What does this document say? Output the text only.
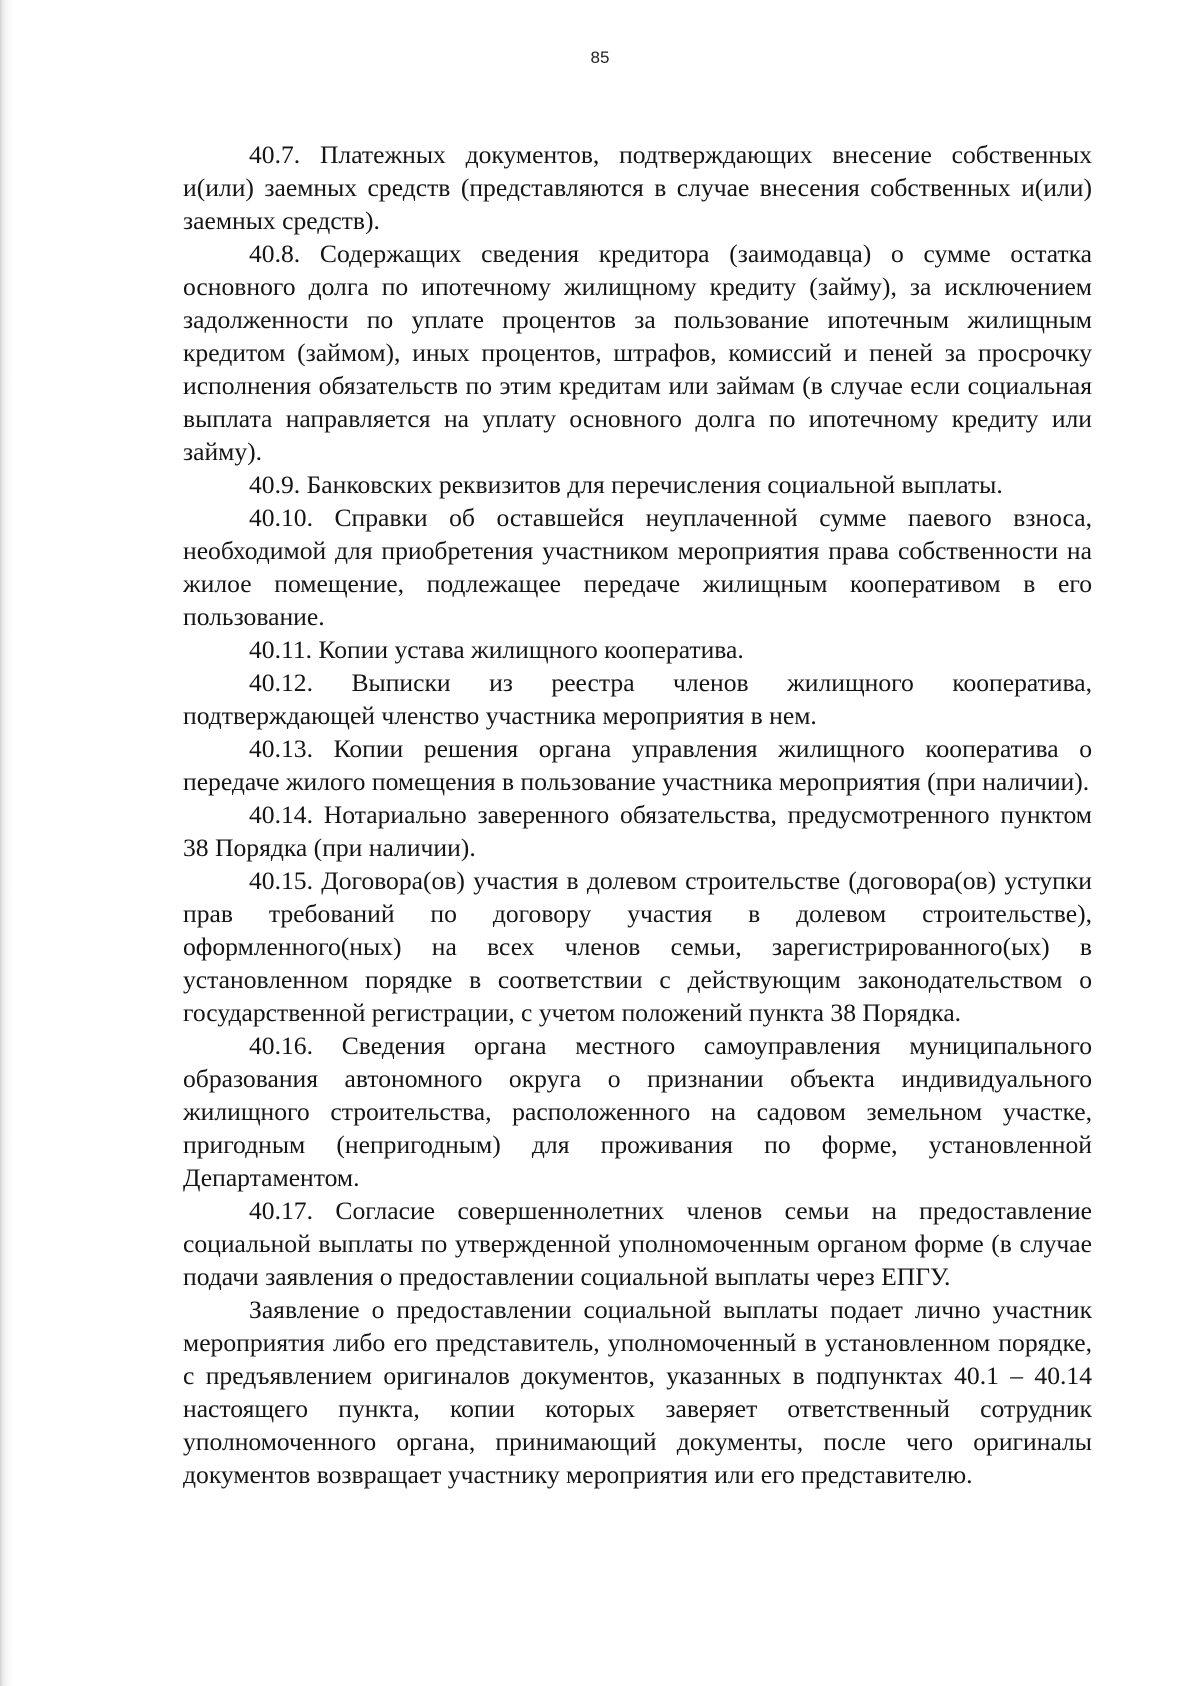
85

40.7. Платежных документов, подтверждающих внесение собственных и(или) заемных средств (представляются в случае внесения собственных и(или) заемных средств).

40.8. Содержащих сведения кредитора (заимодавца) о сумме остатка основного долга по ипотечному жилищному кредиту (займу), за исключением задолженности по уплате процентов за пользование ипотечным жилищным кредитом (займом), иных процентов, штрафов, комиссий и пеней за просрочку исполнения обязательств по этим кредитам или займам (в случае если социальная выплата направляется на уплату основного долга по ипотечному кредиту или займу).

40.9. Банковских реквизитов для перечисления социальной выплаты.

40.10. Справки об оставшейся неуплаченной сумме паевого взноса, необходимой для приобретения участником мероприятия права собственности на жилое помещение, подлежащее передаче жилищным кооперативом в его пользование.

40.11. Копии устава жилищного кооператива.

40.12. Выписки из реестра членов жилищного кооператива, подтверждающей членство участника мероприятия в нем.

40.13. Копии решения органа управления жилищного кооператива о передаче жилого помещения в пользование участника мероприятия (при наличии).

40.14. Нотариально заверенного обязательства, предусмотренного пунктом 38 Порядка (при наличии).

40.15. Договора(ов) участия в долевом строительстве (договора(ов) уступки прав требований по договору участия в долевом строительстве), оформленного(ных) на всех членов семьи, зарегистрированного(ых) в установленном порядке в соответствии с действующим законодательством о государственной регистрации, с учетом положений пункта 38 Порядка.

40.16. Сведения органа местного самоуправления муниципального образования автономного округа о признании объекта индивидуального жилищного строительства, расположенного на садовом земельном участке, пригодным (непригодным) для проживания по форме, установленной Департаментом.

40.17. Согласие совершеннолетних членов семьи на предоставление социальной выплаты по утвержденной уполномоченным органом форме (в случае подачи заявления о предоставлении социальной выплаты через ЕПГУ.

Заявление о предоставлении социальной выплаты подает лично участник мероприятия либо его представитель, уполномоченный в установленном порядке, с предъявлением оригиналов документов, указанных в подпунктах 40.1 – 40.14 настоящего пункта, копии которых заверяет ответственный сотрудник уполномоченного органа, принимающий документы, после чего оригиналы документов возвращает участнику мероприятия или его представителю.
